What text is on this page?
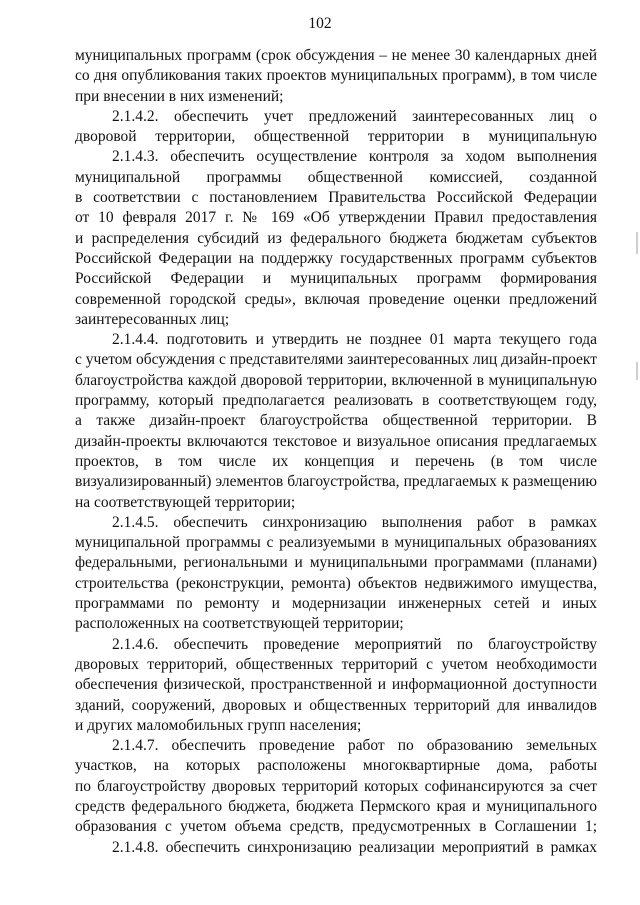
102
муниципальных программ (срок обсуждения – не менее 30 календарных дней
со дня опубликования таких проектов муниципальных программ), в том числе
при внесении в них изменений;
2.1.4.2. обеспечить учет предложений заинтересованных лиц о
дворовой территории, общественной территории в муниципальную
2.1.4.3. обеспечить осуществление контроля за ходом выполнения
муниципальной программы общественной комиссией, созданной
в соответствии с постановлением Правительства Российской Федерации
от 10 февраля 2017 г. № 169 «Об утверждении Правил предоставления
и распределения субсидий из федерального бюджета бюджетам субъектов
Российской Федерации на поддержку государственных программ субъектов
Российской Федерации и муниципальных программ формирования
современной городской среды», включая проведение оценки предложений
заинтересованных лиц;
2.1.4.4. подготовить и утвердить не позднее 01 марта текущего года
с учетом обсуждения с представителями заинтересованных лиц дизайн-проект
благоустройства каждой дворовой территории, включенной в муниципальную
программу, который предполагается реализовать в соответствующем году,
а также дизайн-проект благоустройства общественной территории. В
дизайн-проекты включаются текстовое и визуальное описания предлагаемых
проектов, в том числе их концепция и перечень (в том числе
визуализированный) элементов благоустройства, предлагаемых к размещению
на соответствующей территории;
2.1.4.5. обеспечить синхронизацию выполнения работ в рамках
муниципальной программы с реализуемыми в муниципальных образованиях
федеральными, региональными и муниципальными программами (планами)
строительства (реконструкции, ремонта) объектов недвижимого имущества,
программами по ремонту и модернизации инженерных сетей и иных
расположенных на соответствующей территории;
2.1.4.6. обеспечить проведение мероприятий по благоустройству
дворовых территорий, общественных территорий с учетом необходимости
обеспечения физической, пространственной и информационной доступности
зданий, сооружений, дворовых и общественных территорий для инвалидов
и других маломобильных групп населения;
2.1.4.7. обеспечить проведение работ по образованию земельных
участков, на которых расположены многоквартирные дома, работы
по благоустройству дворовых территорий которых софинансируются за счет
средств федерального бюджета, бюджета Пермского края и муниципального
образования с учетом объема средств, предусмотренных в Соглашении 1;
2.1.4.8. обеспечить синхронизацию реализации мероприятий в рамках
